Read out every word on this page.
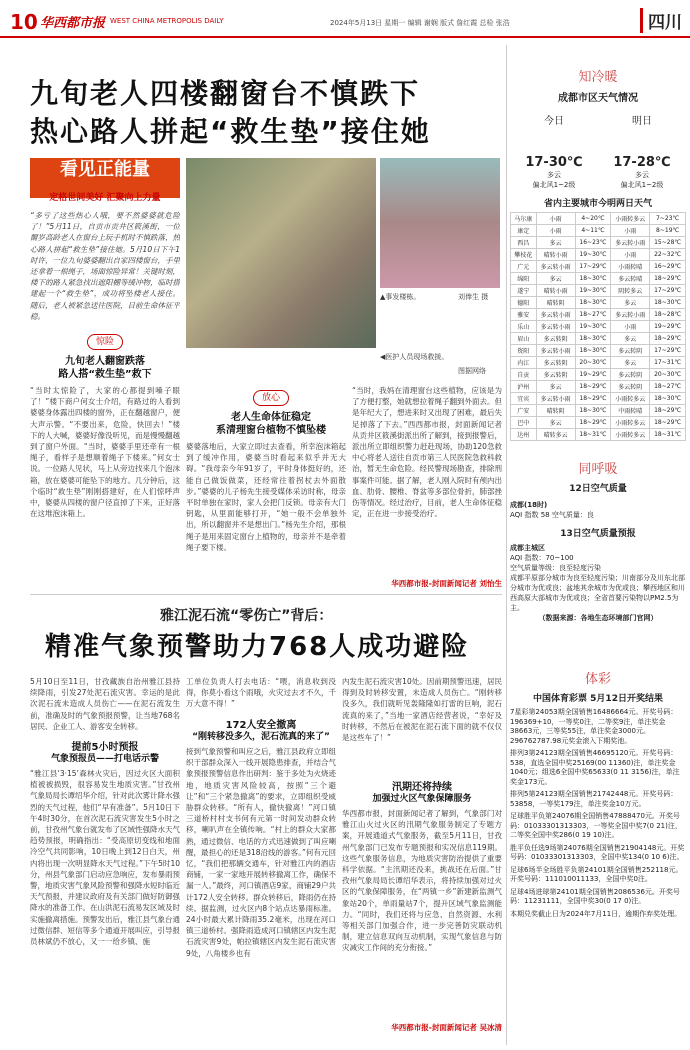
10 华西都市报 WEST CHINA METROPOLIS DAILY	2024年5月13日 星期一 编辑 谢娴 版式 詹红霞 总检 张浩	四川
九旬老人四楼翻窗台不慎跌下
热心路人拼起“救生垫”接住她
看见正能量
定格世间美好 汇聚向上力量
“多亏了这些热心人哦，要不然婆婆就危险了！”5月11日，自贡市贡井区筱溪街，一位爾岁高龄老人在窗台上玩手机时不慎跌落，热心路人拼起“救生垫”接住她。5月10日下午1时许，一位九旬婆婆翻出自家四楼窗台，手里还拿着一根绳子，场面惊险异常！关键时刻，楼下的路人紧急找出遮阳棚等缓冲物，临时搭建起一个“救生垫”，成功将坠楼老人接住。随后，老人被紧急送往医院，目前生命体征平稳。
惊险
九旬老人翻窗跌落
路人搭“救生垫”救下
“当时太惊险了，大家的心都提到嗓子眼了！”楼下商户何女士介绍，有路过的人看到婆婆身体露出四楼的窗外，正在翻越窗户，便大声示警。“不要出来，危险，快回去！”楼下的人大喊，婆婆好像没听见，而是慢慢翻越到了窗户外面。“当时，婆婆手里还牵有一根绳子，看样子是想顺着绳子下楼来。”何女士说。一位路人见状，马上从旁边找来几个泡沫箱，放在婆婆可能坠下的地方。几分钟后，这个临时“救生垫”刚刚搭建好，在人们惊呼声中，婆婆从四楼的窗户径直掉了下来，正好落在这堆泡沫箱上。
▲事发楼栋。	刘俸生 摄
◀医护人员现场救援。
图据网络
放心
老人生命体征稳定
系清理窗台植物不慎坠楼
婆婆落地后，大家立即过去查看，所幸泡沫箱起到了缓冲作用，婆婆当时看起来似乎并无大碍。“我母亲今年91岁了，平时身体挺好的，还能自己做饭做菜，还经常往着拐杖去外面散步。”婆婆的儿子杨先生接受媒体采访时称，母亲平时单独在家时，家人会把门反锁。母亲有大门钥匙，从里面能够打开，“她一般不会单独外出，所以翻窗并不是想出门。”杨先生介绍，那根绳子是用来固定窗台上植物的，母亲并不是牵着绳子要下楼。
“当时，我妈在清理窗台这些植物，应该是为了方便打整，她就想拉着绳子翻到外面去。但是年纪大了，想进来时又出现了困难，最后失足掉落了下去。”西西都市报，封面新闻记者从贡井区筱溪街派出所了解到，接到报警后，派出所立即组织警力赶赴现场，协助120急救中心将老人送往自贡市第三人民医院急救科救治，暂无生命危险。经民警现场勘查，排除刑事案件可能。据了解，老人刚入院时有颅内出血、肋骨、腰椎、脊盆等多部位骨折，肺部挫伤等情况。经过治疗，目前，老人生命体征稳定，正在进一步接受治疗。
华西都市报-封面新闻记者 刘怡生
雅江泥石流“零伤亡”背后：
精准气象预警助力768人成功避险
5月10日至11日，甘孜藏族自治州雅江县持续降雨，引发27处泥石流灾害。幸运的是此次泥石流未造成人员伤亡——在泥石流发生前，准确及时的气象预报预警，让当地768名居民、企业工人、游客安全转移。
提前5小时预报
气象预报员——打电话示警
“雅江县‘3·15’森林火灾后，因过火区大面积植被被损毁，很容易发生地质灾害。”甘孜州气象局局长谭绍华介绍，针对此次雾计降水强烈的天气过程，他们“早有准备”。5月10日下午4时30分，在首次泥石流灾害发生5小时之前，甘孜州气象台就发布了区域性强降水天气趋势预报，明确指出：“受高原切变线和地面冷空气共同影响，10日晚上到12日白天，州内将出现一次明显降水天气过程。”下午5时10分，州县气象部门启动应急响应，发布暴雨预警，地质灾害气象风险预警和强降水短时临近天气预报，并建议政府及有关部门做好防御强降水的准备工作。在山洪泥石流易发区域及时实施撤离措施。预警发出后，雅江县气象台通过微信群、短信等多个通道开展叫应，引导报员林斌仍不放心，又一一给乡镇、施
工单位负责人打去电话：“喂，消息收到没得，你莫小看这个雨哦，火灾过去才不久，千万大意不得！”
172人安全撤离
“刚转移没多久，泥石流真的来了”
接到气象预警和叫应之后，雅江县政府立即组织干部群众深入一线开展隐患排查，并结合气象预报预警信息作出研判：鉴于多处为火烧迹地，地质灾害风险较高，按照“三个避让”和“三个紧急撤离”的要求，立即组织受威胁群众转移。“所有人，撤快撤离！”河口镇三道桥村村支书何有元第一时间发动群众转移，喇叭声在全镇传响。“村上的群众大家都熟，通过微信、电话的方式迅速做到了叫应喇醒，最担心的还是318沿线的游客。”何有元回忆，“我们把那辆交通车，针对雅江内的酒店商铺，一家一家地开展转移撤离工作，确保不漏一人。”最终，河口镇酒店9家，商铺29户共计172人安全转移。群众转移后，降雨仍在持续。据监测，过火区内8个站点达暴雨标准。24小时最大累计降雨35.2毫米，出现在河口镇三道桥村。强降雨造成河口镇辖区内发生泥石流灾害9处，帕拉镇辖区内发生泥石流灾害9处，八角楼乡也有
内发生泥石流灾害10处。因前期预警迅速，居民得到及时转移安置，未造成人员伤亡。“刚转移没多久，我们就听见轰隆隆如打雷的巨响，泥石流真的来了，”当地一家酒店经营者说，“幸好及时转移，不然后在被泥在泥石流下面的就不仅仅是这些车了！”
汛期还将持续
加强过火区气象保障服务
华西都市报，封面新闻记者了解到，气象部门对雅江山火过火区的汛期气象服务制定了专题方案，开展通道式气象服务，截至5月11日，甘孜州气象部门已发布专题预报和实况信息119期。这些气象服务信息，为地质灾害防治提供了重要科学依据。“主汛期还没来，挑战还在后面。”甘孜州气象局局长谭绍华表示，将持续加强对过火区的气象保障服务，在“两镇一乡”新建新监测气象站20个，单雨量站7个，提升区域气象监测能力。“同时，我们还将与应急、自然资源、水利等相关部门加强合作，进一步完善防灾联动机制，建立信息双向互动机制，实现气象信息与防灾减灾工作间的充分衔接。”
华西都市报-封面新闻记者 吴冰清
知冷暖
成都市区天气情况
今日
17-30℃
多云
偏北风1~2级
明日
17-28℃
多云
偏北风1~2级
省内主要城市今明两日天气
马尔康	小雨	4~20℃	小雨转多云	7~23℃
康定	小雨	4~11℃	小雨	8~19℃
西昌	多云	16~23℃	多云转小雨	15~28℃
攀枝花	晴转小雨	19~30℃	小雨	22~32℃
广元	多云转小雨	17~29℃	小雨转晴	16~29℃
绵阳	多云	18~30℃	多云转晴	18~29℃
遂宁	晴转小雨	19~30℃	阴转多云	17~29℃
德阳	晴转阴	18~30℃	多云	18~30℃
雅安	多云转小雨	18~27℃	多云转小雨	18~28℃
乐山	多云转小雨	19~30℃	小雨	19~29℃
眉山	多云转阴	18~30℃	多云	18~29℃
资阳	多云转小雨	18~30℃	多云转阴	17~29℃
内江	多云转阴	20~30℃	多云	17~31℃
自贡	多云转阴	19~29℃	多云转阴	20~30℃
泸州	多云	18~29℃	多云转阴	18~27℃
宜宾	多云转小雨	18~29℃	小雨转多云	18~30℃
广安	晴转阴	18~30℃	中雨转晴	18~29℃
巴中	多云	18~29℃	小雨转多云	18~29℃
达州	晴转多云	18~31℃	小雨转多云	18~31℃
同呼吸
12日空气质量
成都(18时)
AQI 指数 58 空气质量：良
13日空气质量预报
成都主城区
AQI 指数：70~100
空气质量等级：良至轻度污染
成都平原部分城市为良至轻度污染；川南部分及川东北部分城市为优或良；盆地其余城市为优或良；攀西地区和川西高原大部城市为优或良；全省首要污染物以PM2.5为主。
（数据来源：各地生态环境部门官网）
体彩
中国体育彩票 5月12日开奖结果
7星彩第24053期全国销售16486664元。开奖号码：196369+10，一等奖0注，二等奖9注，单注奖金38663元，三等奖55注，单注奖金3000元。296762787.98元奖金滚入下期奖池。
排列3第24123期全国销售46695120元。开奖号码：538，直选全国中奖25169(00 11360)注，单注奖金1040元；组选6全国中奖65633(0 11 3156)注，单注奖金173元。
排列5第24123期全国销售21742448元。开奖号码：53858，一等奖179注，单注奖金10万元。
足球胜平负第24076期全国销售47888470元。开奖号码：01033301313303，一等奖全国中奖7(0 21)注，二等奖全国中奖286(0 19 10)注。
胜平负任选9场第24076期全国销售21904148元。开奖号码：01033301313303，全国中奖134(0 10 6)注。
足球6场半全场胜平负第24101期全国销售252118元。开奖号码：111010011133，全国中奖0注。
足球4场进球第24101期全国销售2086536元。开奖号码：11231111，全国中奖30(0 17 0)注。
本期兑奖截止日为2024年7月11日，逾期作弃奖处理。
